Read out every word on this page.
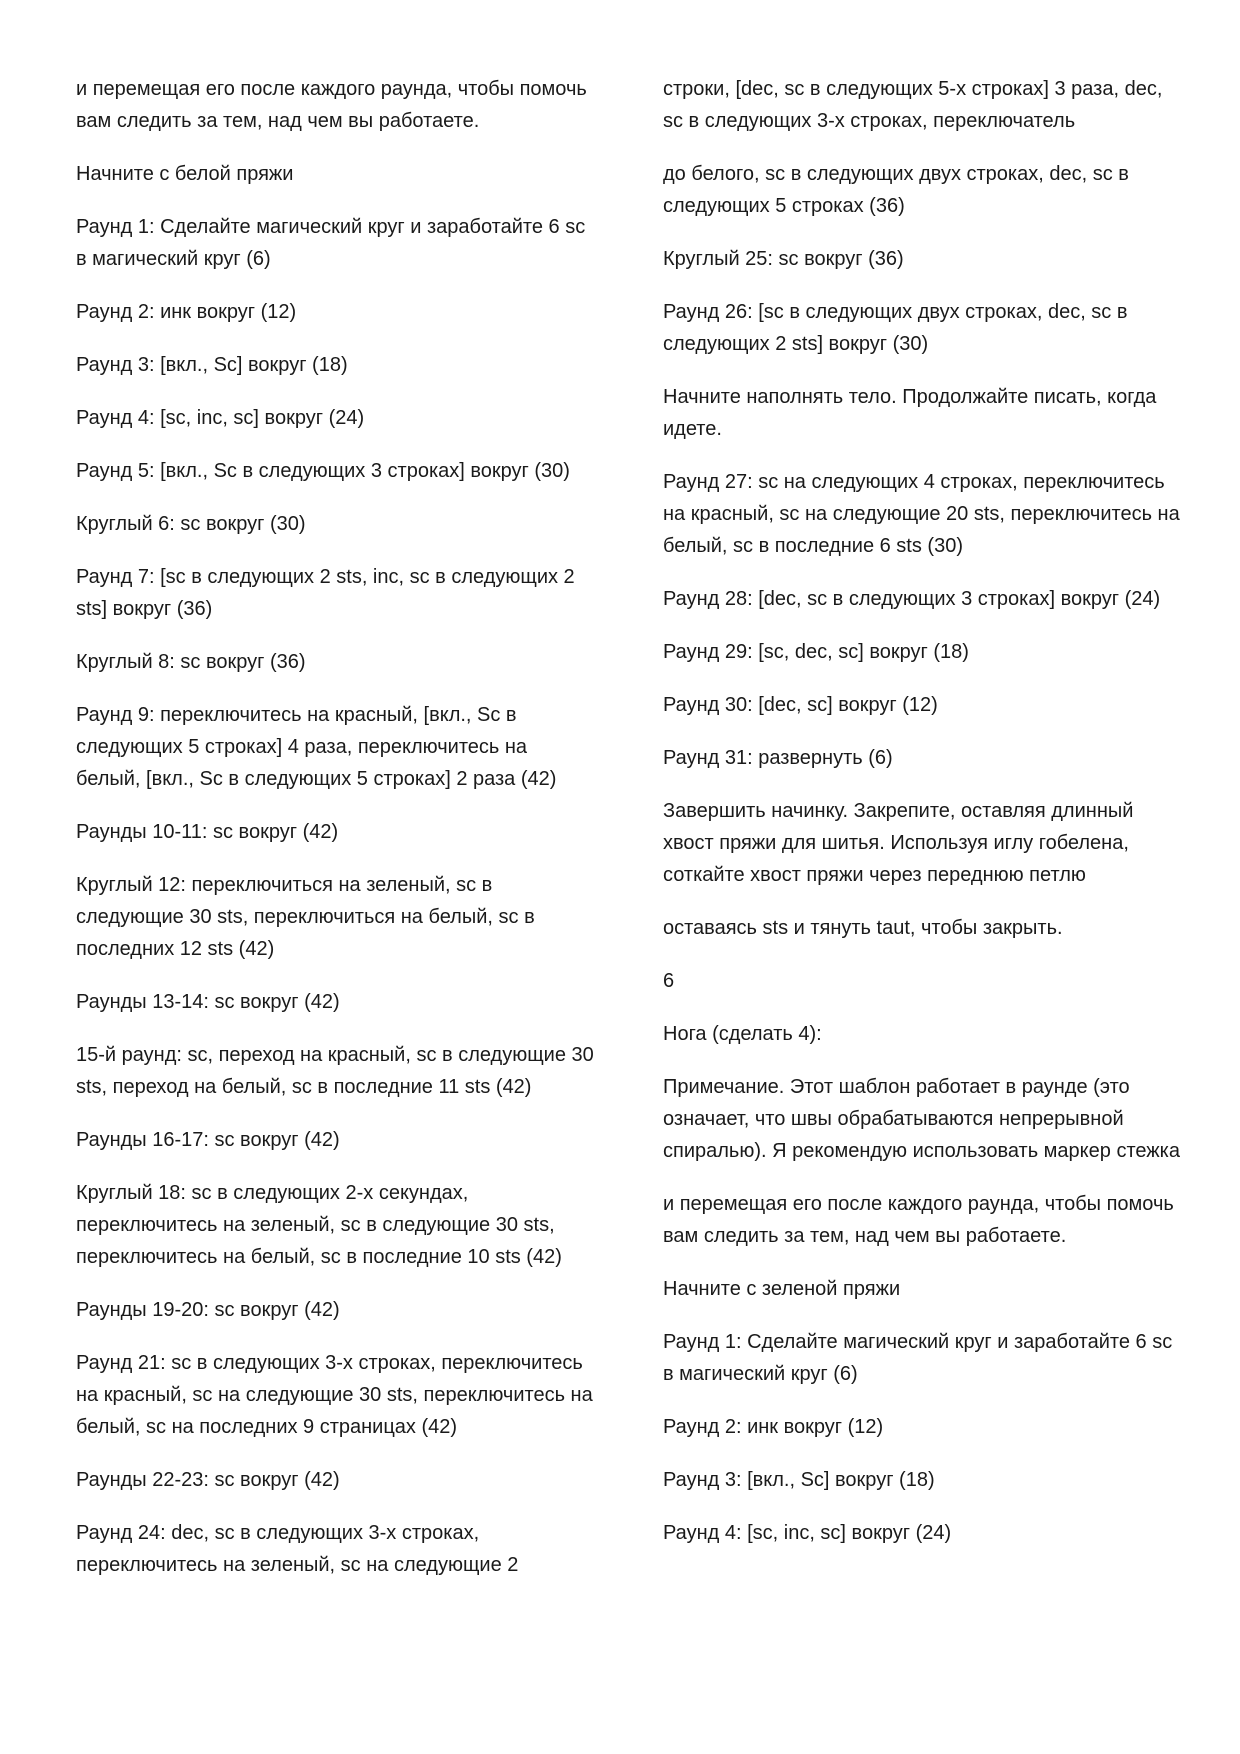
и перемещая его после каждого раунда, чтобы помочь вам следить за тем, над чем вы работаете.

Начните с белой пряжи

Раунд 1: Сделайте магический круг и заработайте 6 sc в магический круг (6)

Раунд 2: инк вокруг (12)

Раунд 3: [вкл., Sc] вокруг (18)

Раунд 4: [sc, inc, sc] вокруг (24)

Раунд 5: [вкл., Sc в следующих 3 строках] вокруг (30)

Круглый 6: sc вокруг (30)

Раунд 7: [sc в следующих 2 sts, inc, sc в следующих 2 sts] вокруг (36)

Круглый 8: sc вокруг (36)

Раунд 9: переключитесь на красный, [вкл., Sc в следующих 5 строках] 4 раза, переключитесь на белый, [вкл., Sc в следующих 5 строках] 2 раза (42)

Раунды 10-11: sc вокруг (42)

Круглый 12: переключиться на зеленый, sc в следующие 30 sts, переключиться на белый, sc в последних 12 sts (42)

Раунды 13-14: sc вокруг (42)

15-й раунд: sc, переход на красный, sc в следующие 30 sts, переход на белый, sc в последние 11 sts (42)

Раунды 16-17: sc вокруг (42)

Круглый 18: sc в следующих 2-х секундах, переключитесь на зеленый, sc в следующие 30 sts, переключитесь на белый, sc в последние 10 sts (42)

Раунды 19-20: sc вокруг (42)

Раунд 21: sc в следующих 3-х строках, переключитесь на красный, sc на следующие 30 sts, переключитесь на белый, sc на последних 9 страницах (42)

Раунды 22-23: sc вокруг (42)

Раунд 24: dec, sc в следующих 3-х строках, переключитесь на зеленый, sc на следующие 2

строки, [dec, sc в следующих 5-х строках] 3 раза, dec, sc в следующих 3-х строках, переключатель

до белого, sc в следующих двух строках, dec, sc в следующих 5 строках (36)

Круглый 25: sc вокруг (36)

Раунд 26: [sc в следующих двух строках, dec, sc в следующих 2 sts] вокруг (30)

Начните наполнять тело. Продолжайте писать, когда идете.

Раунд 27: sc на следующих 4 строках, переключитесь на красный, sc на следующие 20 sts, переключитесь на белый, sc в последние 6 sts (30)

Раунд 28: [dec, sc в следующих 3 строках] вокруг (24)

Раунд 29: [sc, dec, sc] вокруг (18)

Раунд 30: [dec, sc] вокруг (12)

Раунд 31: развернуть (6)

Завершить начинку. Закрепите, оставляя длинный хвост пряжи для шитья. Используя иглу гобелена, соткайте хвост пряжи через переднюю петлю

оставаясь sts и тянуть taut, чтобы закрыть.

6

Нога (сделать 4):

Примечание. Этот шаблон работает в раунде (это означает, что швы обрабатываются непрерывной спиралью). Я рекомендую использовать маркер стежка

и перемещая его после каждого раунда, чтобы помочь вам следить за тем, над чем вы работаете.

Начните с зеленой пряжи

Раунд 1: Сделайте магический круг и заработайте 6 sc в магический круг (6)

Раунд 2: инк вокруг (12)

Раунд 3: [вкл., Sc] вокруг (18)

Раунд 4: [sc, inc, sc] вокруг (24)
